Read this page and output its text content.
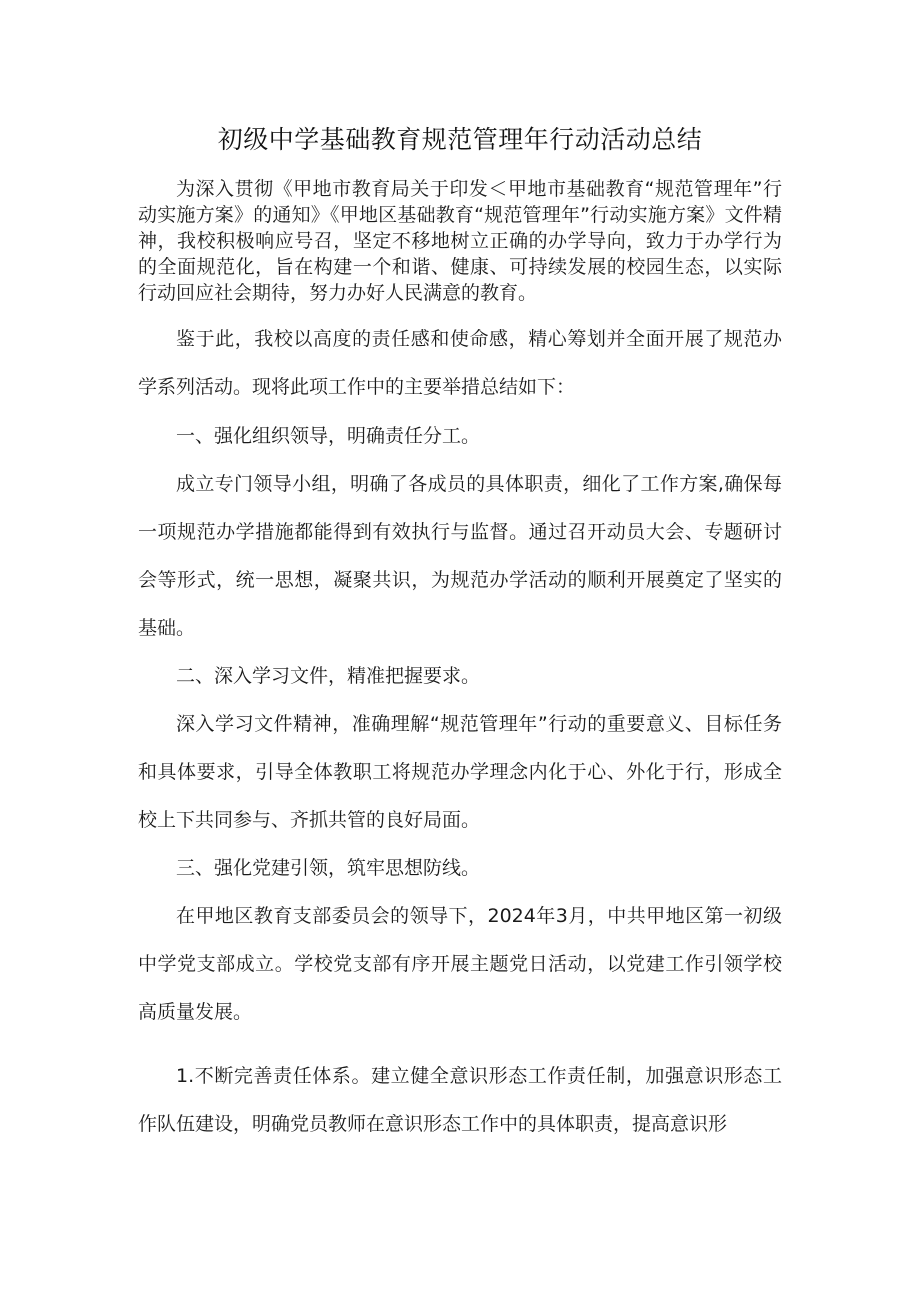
初级中学基础教育规范管理年行动活动总结

为深入贯彻《甲地市教育局关于印发＜甲地市基础教育“规范管理年”行动实施方案》的通知》《甲地区基础教育“规范管理年”行动实施方案》文件精神，我校积极响应号召，坚定不移地树立正确的办学导向，致力于办学行为的全面规范化，旨在构建一个和谐、健康、可持续发展的校园生态，以实际行动回应社会期待，努力办好人民满意的教育。

鉴于此，我校以高度的责任感和使命感，精心筹划并全面开展了规范办学系列活动。现将此项工作中的主要举措总结如下：

一、强化组织领导，明确责任分工。

成立专门领导小组，明确了各成员的具体职责，细化了工作方案,确保每一项规范办学措施都能得到有效执行与监督。通过召开动员大会、专题研讨会等形式，统一思想，凝聚共识，为规范办学活动的顺利开展奠定了坚实的基础。

二、深入学习文件，精准把握要求。

深入学习文件精神，准确理解“规范管理年”行动的重要意义、目标任务和具体要求，引导全体教职工将规范办学理念内化于心、外化于行，形成全校上下共同参与、齐抓共管的良好局面。

三、强化党建引领，筑牢思想防线。

在甲地区教育支部委员会的领导下，2024年3月，中共甲地区第一初级中学党支部成立。学校党支部有序开展主题党日活动，以党建工作引领学校高质量发展。

1.不断完善责任体系。建立健全意识形态工作责任制，加强意识形态工作队伍建设，明确党员教师在意识形态工作中的具体职责，提高意识形
